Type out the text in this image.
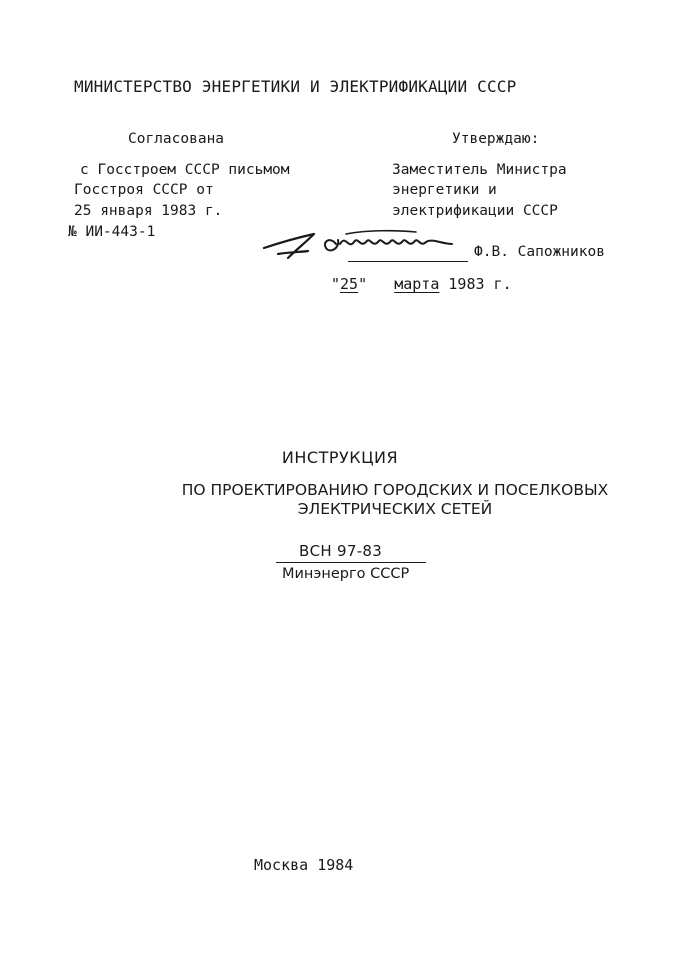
МИНИСТЕРСТВО ЭНЕРГЕТИКИ И ЭЛЕКТРИФИКАЦИИ СССР
Согласована
с Госстроем СССР письмом
Госстроя СССР от
25 января 1983 г.
№ ИИ-443-1
Утверждаю:
Заместитель Министра
энергетики и
электрификации СССР
Ф.В. Сапожников
"25" марта 1983 г.
ИНСТРУКЦИЯ
ПО ПРОЕКТИРОВАНИЮ ГОРОДСКИХ И ПОСЕЛКОВЫХ
ЭЛЕКТРИЧЕСКИХ СЕТЕЙ
ВСН 97-83
Минэнерго СССР
Москва 1984
